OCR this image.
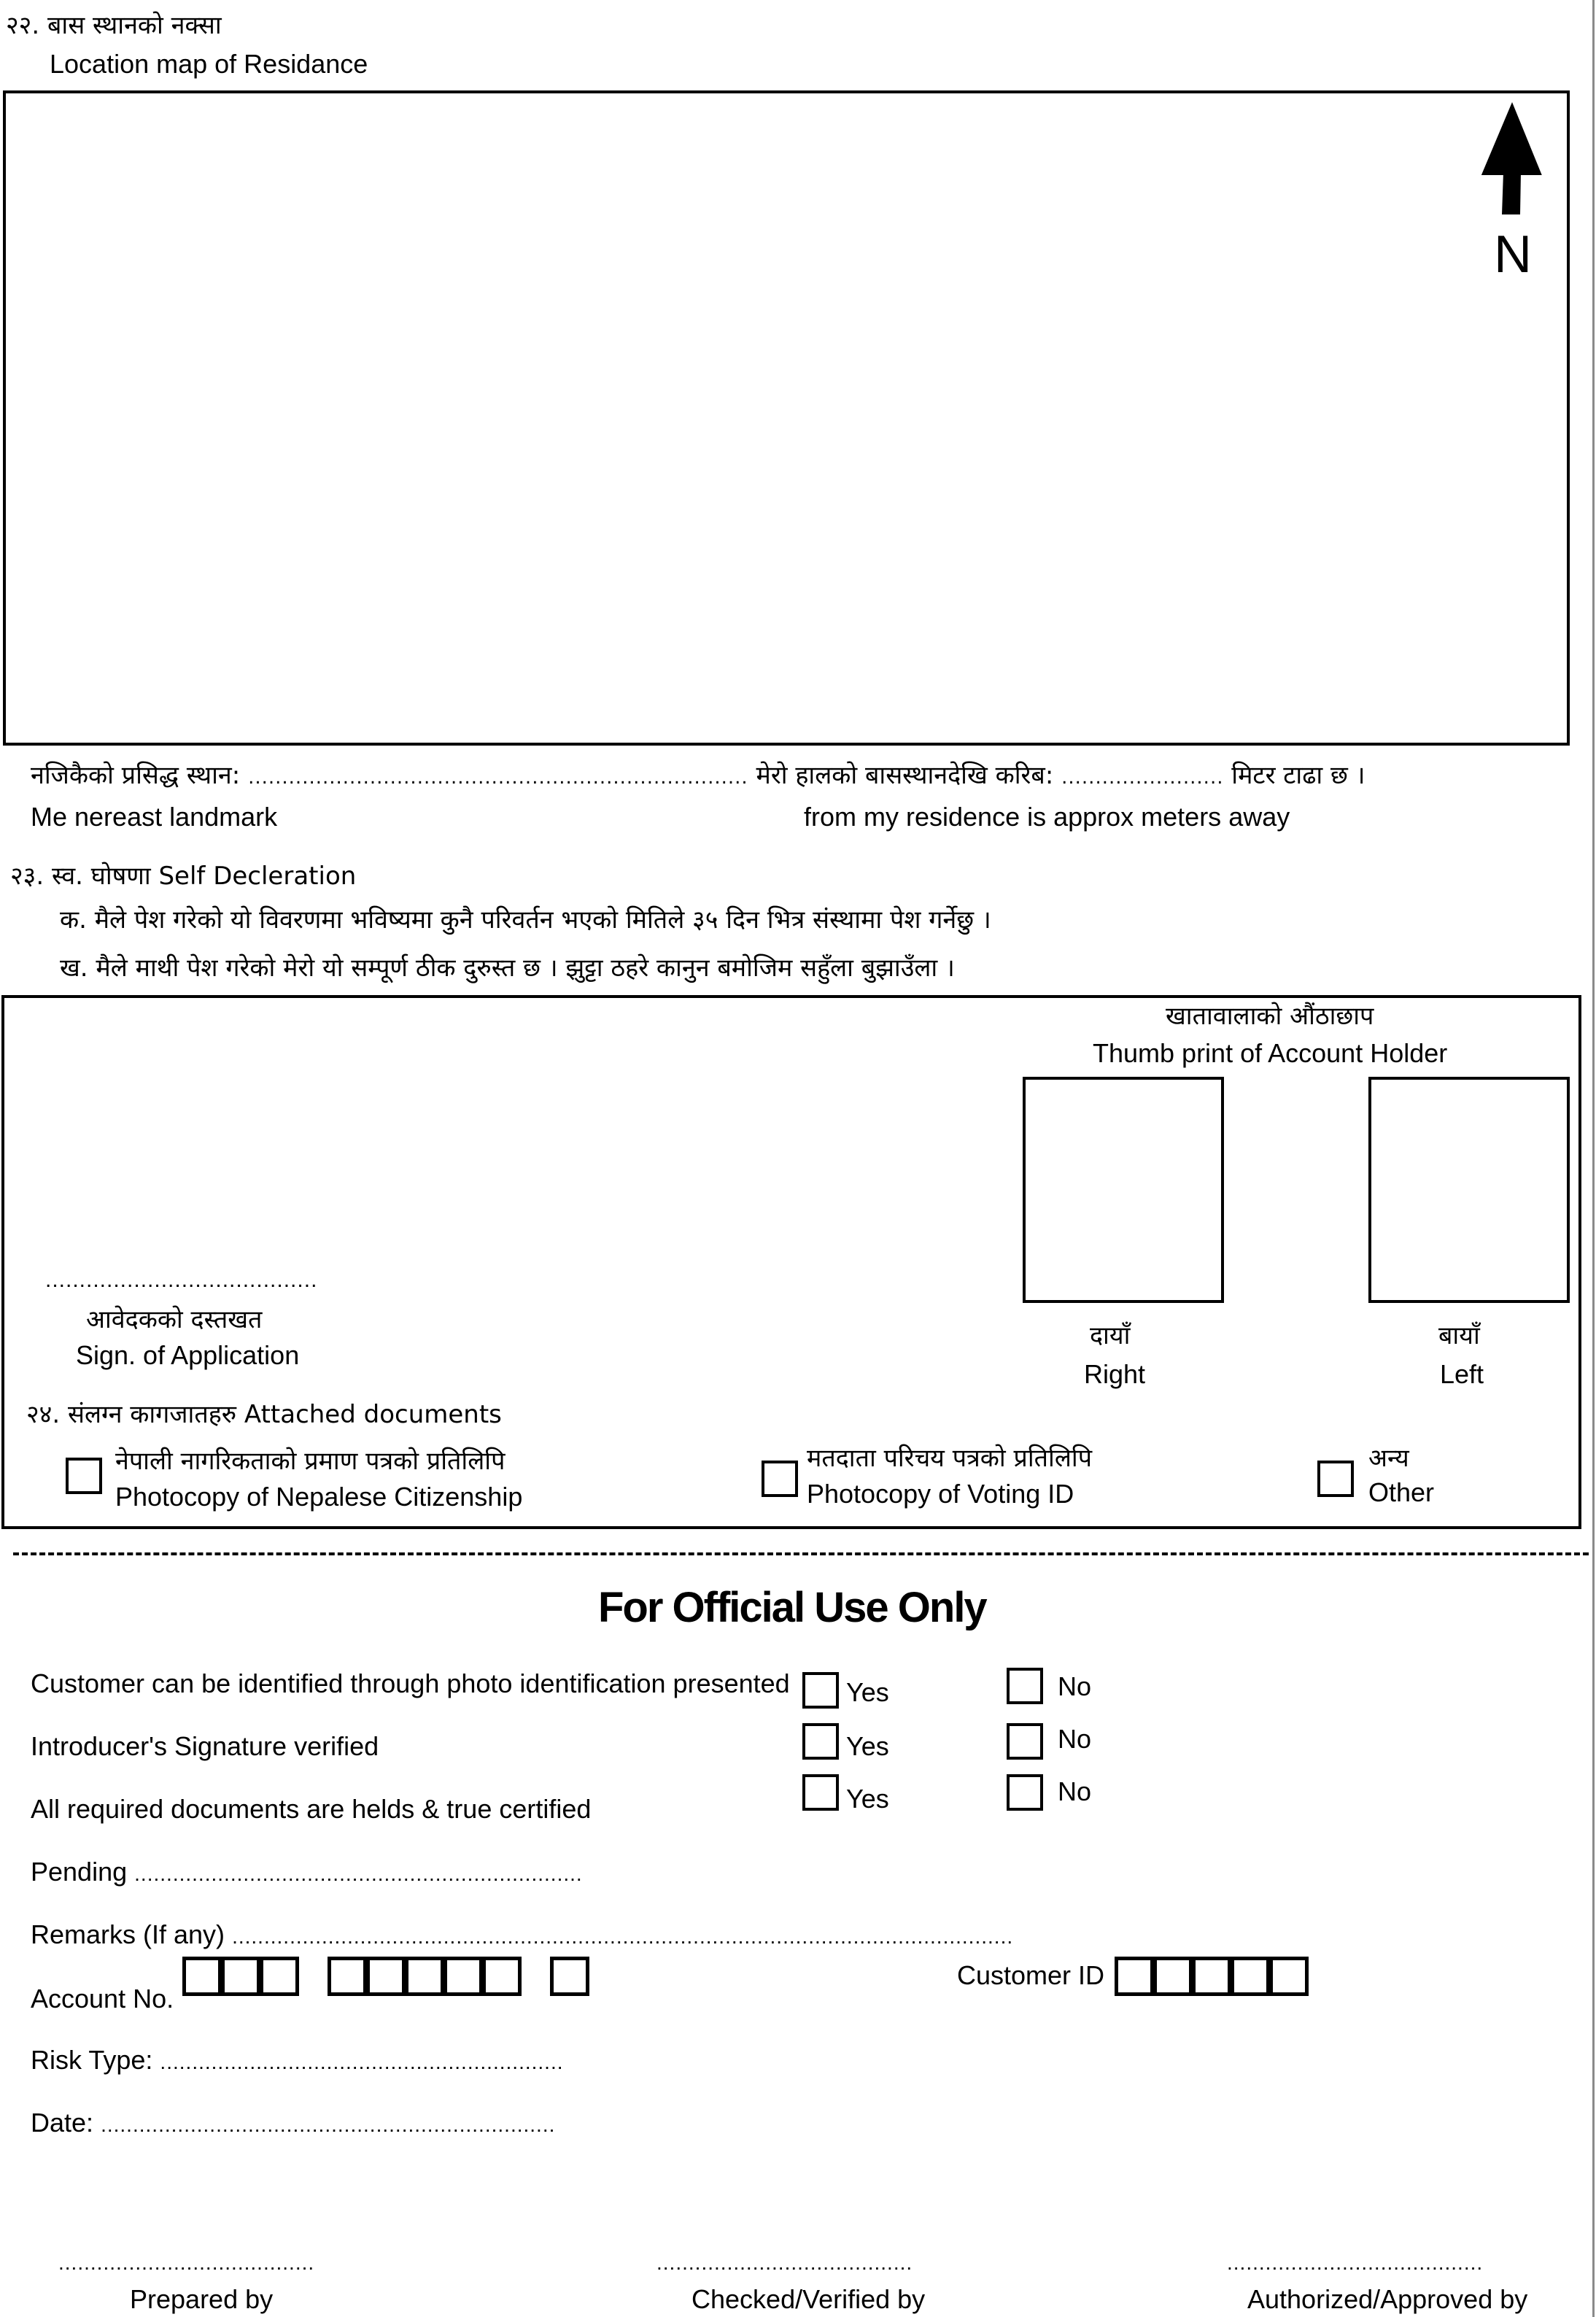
२२. बास स्थानको नक्सा
Location map of Residance
N
नजिकैको प्रसिद्ध स्थान: .......................................................................... मेरो हालको बासस्थानदेखि करिब: ........................ मिटर टाढा छ ।
Me nereast landmark	from my residence is approx meters away
२३. स्व. घोषणा Self Decleration
क. मैले पेश गरेको यो विवरणमा भविष्यमा कुनै परिवर्तन भएको मितिले ३५ दिन भित्र संस्थामा पेश गर्नेछु ।
ख. मैले माथी पेश गरेको मेरो यो सम्पूर्ण ठीक दुरुस्त छ । झुट्टा ठहरे कानुन बमोजिम सहुँला बुझाउँला ।
........................................
आवेदकको दस्तखत
Sign. of Application
खातावालाको औंठाछाप
Thumb print of Account Holder
दायाँ
Right
बायाँ
Left
२४. संलग्न कागजातहरु Attached documents
नेपाली नागरिकताको प्रमाण पत्रको प्रतिलिपि
Photocopy of Nepalese Citizenship
मतदाता परिचय पत्रको प्रतिलिपि
Photocopy of Voting ID
अन्य
Other
For Official Use Only
Customer can be identified through photo identification presented Yes	No
Introducer's Signature verified	Yes	No
All required documents are helds & true certified	Yes	No
Pending ......................................................................
Remarks (If any) ..........................................................................................................................
Account No.
Customer ID
Risk Type: ...............................................................
Date: .......................................................................
........................................
Prepared by
........................................
Checked/Verified by
........................................
Authorized/Approved by
